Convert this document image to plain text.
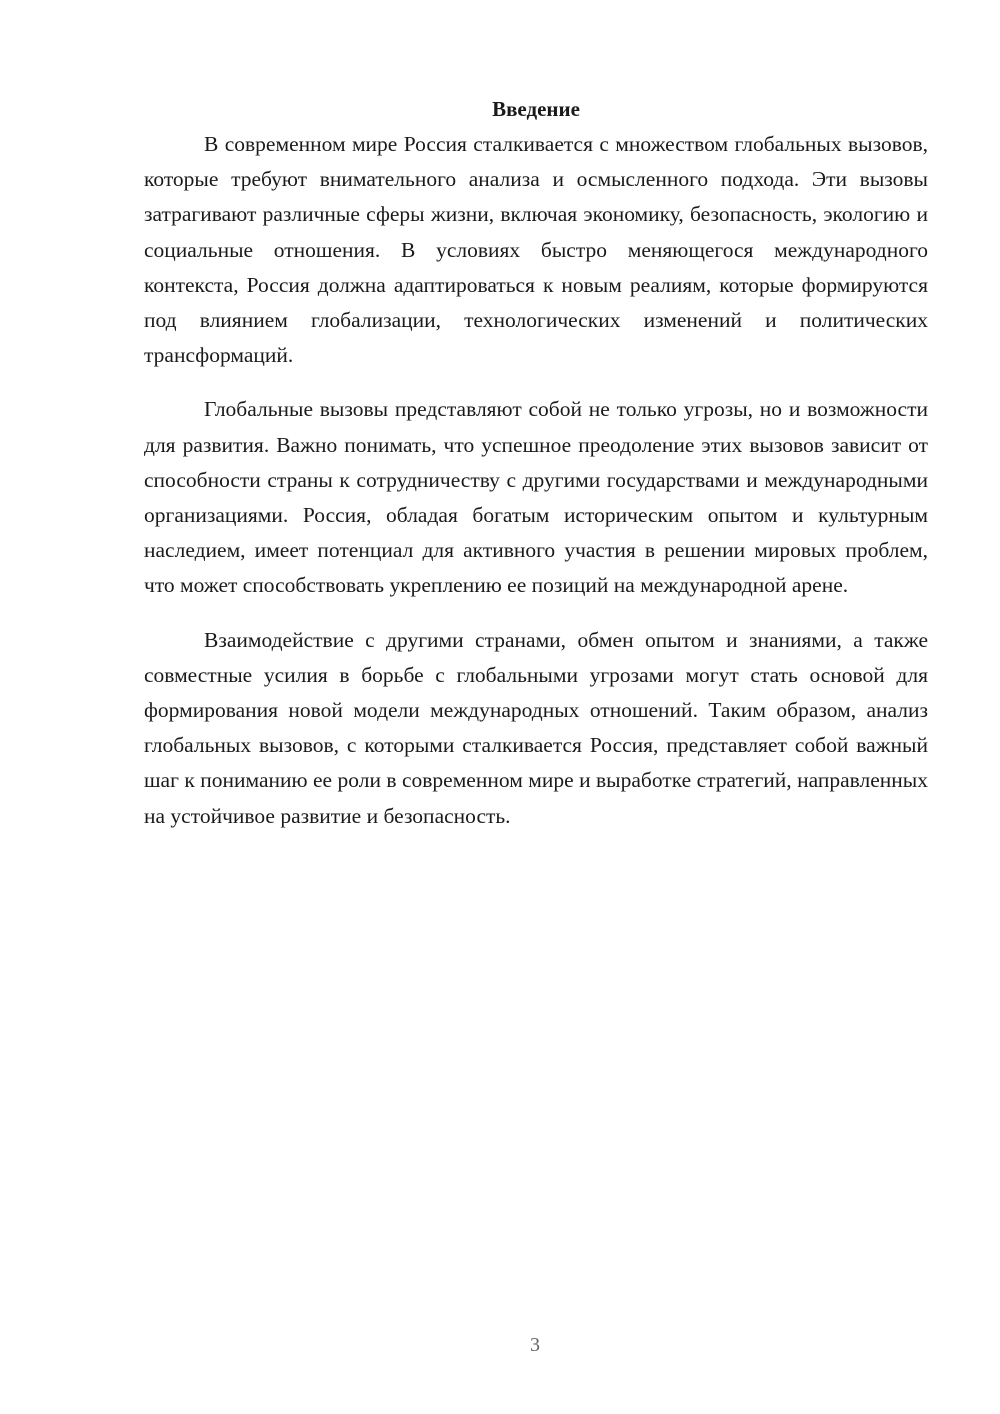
Введение

В современном мире Россия сталкивается с множеством глобальных вызовов, которые требуют внимательного анализа и осмысленного подхода. Эти вызовы затрагивают различные сферы жизни, включая экономику, безопасность, экологию и социальные отношения. В условиях быстро меняющегося международного контекста, Россия должна адаптироваться к новым реалиям, которые формируются под влиянием глобализации, технологических изменений и политических трансформаций.

Глобальные вызовы представляют собой не только угрозы, но и возможности для развития. Важно понимать, что успешное преодоление этих вызовов зависит от способности страны к сотрудничеству с другими государствами и международными организациями. Россия, обладая богатым историческим опытом и культурным наследием, имеет потенциал для активного участия в решении мировых проблем, что может способствовать укреплению ее позиций на международной арене.

Взаимодействие с другими странами, обмен опытом и знаниями, а также совместные усилия в борьбе с глобальными угрозами могут стать основой для формирования новой модели международных отношений. Таким образом, анализ глобальных вызовов, с которыми сталкивается Россия, представляет собой важный шаг к пониманию ее роли в современном мире и выработке стратегий, направленных на устойчивое развитие и безопасность.

3
